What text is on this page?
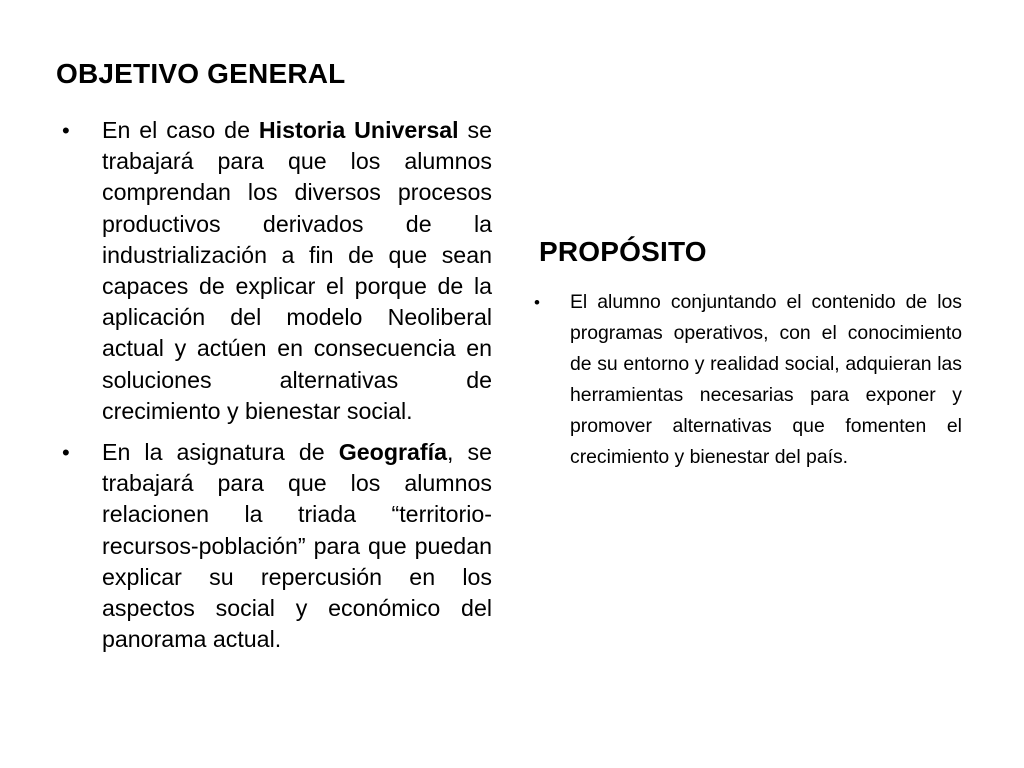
OBJETIVO GENERAL
• En el caso de Historia Universal se trabajará para que los alumnos comprendan los diversos procesos productivos derivados de la industrialización a fin de que sean capaces de explicar el porque de la aplicación del modelo Neoliberal actual y actúen en consecuencia en soluciones alternativas de crecimiento y bienestar social.
• En la asignatura de Geografía, se trabajará para que los alumnos relacionen la triada “territorio-recursos-población” para que puedan explicar su repercusión en los aspectos social y económico del panorama actual.
PROPÓSITO
• El alumno conjuntando el contenido de los programas operativos, con el conocimiento de su entorno y realidad social, adquieran las herramientas necesarias para exponer y promover alternativas que fomenten el crecimiento y bienestar del país.
